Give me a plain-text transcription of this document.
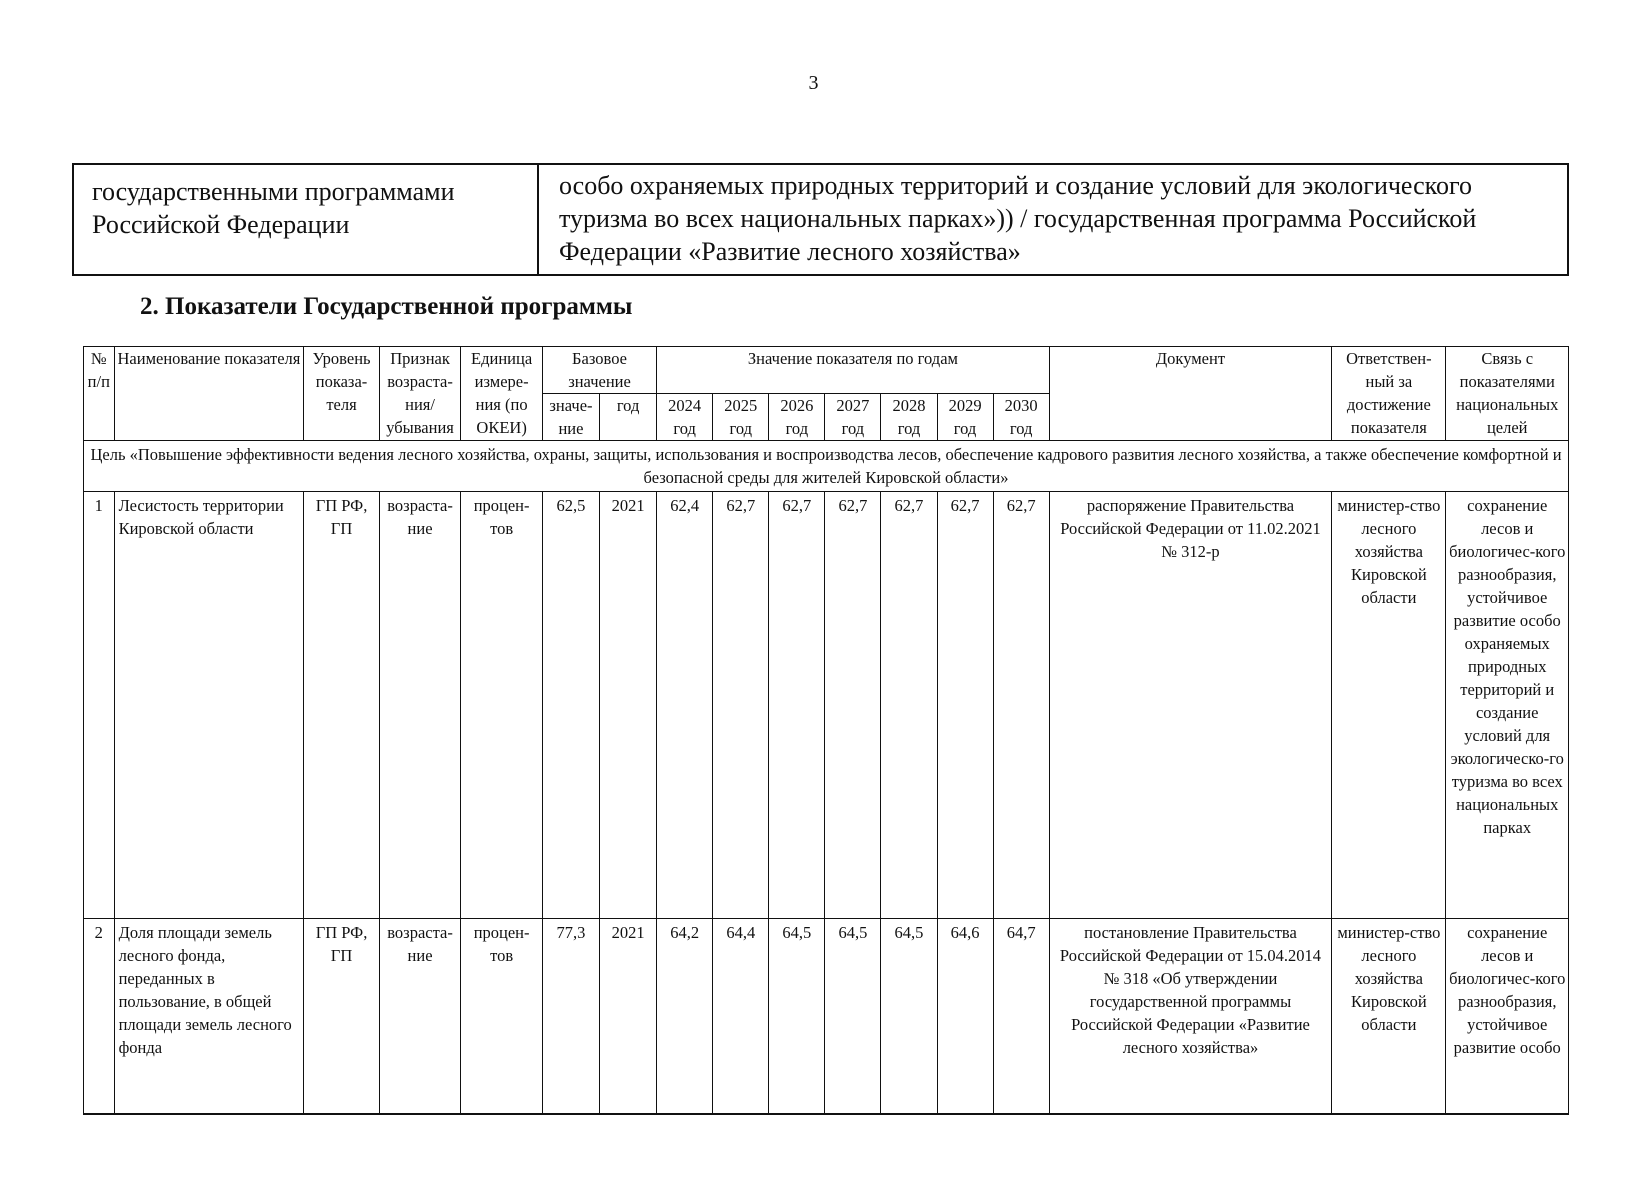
3
государственными программами Российской Федерации	особо охраняемых природных территорий и создание условий для экологического туризма во всех национальных парках»)) / государственная программа Российской Федерации «Развитие лесного хозяйства»
2. Показатели Государственной программы
№ п/п	Наименование показателя	Уровень показа-теля	Признак возраста-ния/ убывания	Единица измере-ния (по ОКЕИ)	Базовое значение		Значение показателя по годам							Документ	Ответствен-ный за достижение показателя	Связь с показателями национальных целей
					значе-ние	год	2024 год	2025 год	2026 год	2027 год	2028 год	2029 год	2030 год			
Цель «Повышение эффективности ведения лесного хозяйства, охраны, защиты, использования и воспроизводства лесов, обеспечение кадрового развития лесного хозяйства, а также обеспечение комфортной и безопасной среды для жителей Кировской области»																
1	Лесистость территории Кировской области	ГП РФ, ГП	возраста-ние	процен-тов	62,5	2021	62,4	62,7	62,7	62,7	62,7	62,7	62,7	распоряжение Правительства Российской Федерации от 11.02.2021 № 312-р	министер-ство лесного хозяйства Кировской области	сохранение лесов и биологичес-кого разнообразия, устойчивое развитие особо охраняемых природных территорий и создание условий для экологическо-го туризма во всех национальных парках
2	Доля площади земель лесного фонда, переданных в пользование, в общей площади земель лесного фонда	ГП РФ, ГП	возраста-ние	процен-тов	77,3	2021	64,2	64,4	64,5	64,5	64,5	64,6	64,7	постановление Правительства Российской Федерации от 15.04.2014 № 318 «Об утверждении государственной программы Российской Федерации «Развитие лесного хозяйства»	министер-ство лесного хозяйства Кировской области	сохранение лесов и биологичес-кого разнообразия, устойчивое развитие особо
